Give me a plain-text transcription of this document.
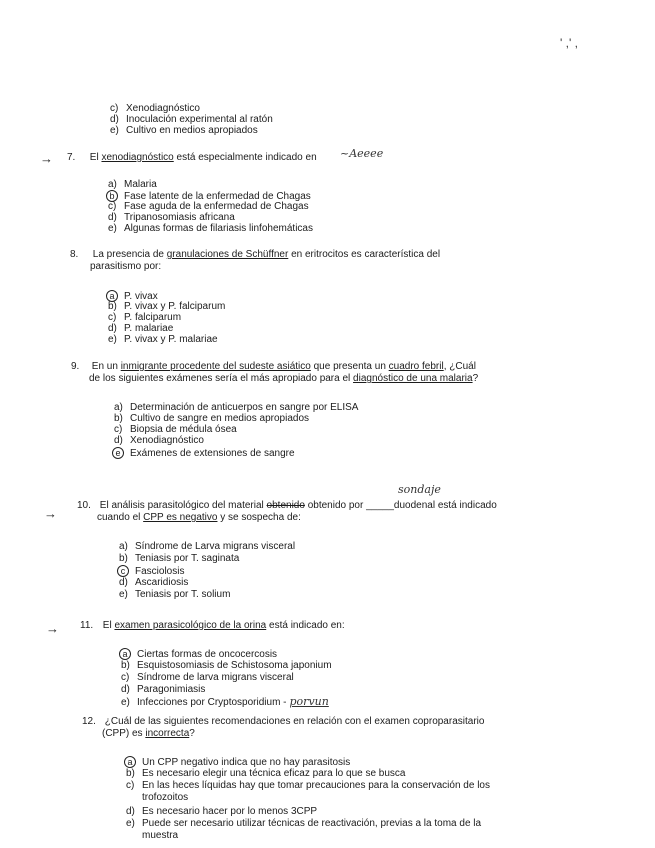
' ,' ,
c) Xenodiagnóstico
d) Inoculación experimental al ratón
e) Cultivo en medios apropiados
→ 7. El xenodiagnóstico está especialmente indicado en ~Aeeee
a) Malaria
b Fase latente de la enfermedad de Chagas
c) Fase aguda de la enfermedad de Chagas
d) Tripanosomiasis africana
e) Algunas formas de filariasis linfohemáticas
8. La presencia de granulaciones de Schüffner en eritrocitos es característica del
parasitismo por:
a P. vivax
b) P. vivax y P. falciparum
c) P. falciparum
d) P. malariae
e) P. vivax y P. malariae
9. En un inmigrante procedente del sudeste asiático que presenta un cuadro febril, ¿Cuál
de los siguientes exámenes sería el más apropiado para el diagnóstico de una malaria?
a) Determinación de anticuerpos en sangre por ELISA
b) Cultivo de sangre en medios apropiados
c) Biopsia de médula ósea
d) Xenodiagnóstico
e Exámenes de extensiones de sangre
→
sondaje
10. El análisis parasitológico del material obtenido obtenido por _____duodenal está indicado
cuando el CPP es negativo y se sospecha de:
a) Síndrome de Larva migrans visceral
b) Teniasis por T. saginata
c Fasciolosis
d) Ascaridiosis
e) Teniasis por T. solium
→ 11. El examen parasicológico de la orina está indicado en:
a Ciertas formas de oncocercosis
b) Esquistosomiasis de Schistosoma japonium
c) Síndrome de larva migrans visceral
d) Paragonimiasis
e) Infecciones por Cryptosporidium - porvun
12. ¿Cuál de las siguientes recomendaciones en relación con el examen coproparasitario
(CPP) es incorrecta?
a Un CPP negativo indica que no hay parasitosis
b) Es necesario elegir una técnica eficaz para lo que se busca
c) En las heces líquidas hay que tomar precauciones para la conservación de los
trofozoitos
d) Es necesario hacer por lo menos 3CPP
e) Puede ser necesario utilizar técnicas de reactivación, previas a la toma de la
muestra
